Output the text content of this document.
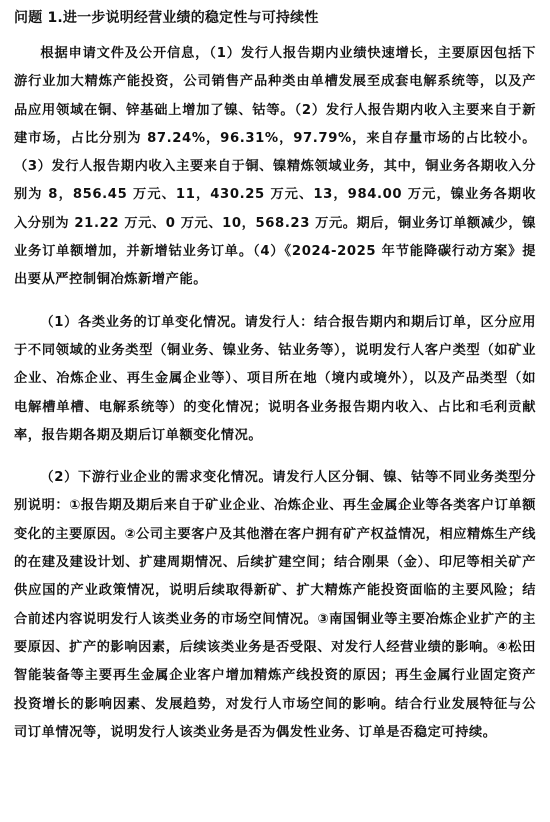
问题 1.进一步说明经营业绩的稳定性与可持续性

根据申请文件及公开信息，（1）发行人报告期内业绩快速增长，主要原因包括下游行业加大精炼产能投资，公司销售产品种类由单槽发展至成套电解系统等，以及产品应用领域在铜、锌基础上增加了镍、钴等。（2）发行人报告期内收入主要来自于新建市场，占比分别为 87.24%，96.31%，97.79%，来自存量市场的占比较小。（3）发行人报告期内收入主要来自于铜、镍精炼领域业务，其中，铜业务各期收入分别为 8，856.45 万元、11，430.25 万元、13，984.00 万元，镍业务各期收入分别为 21.22 万元、0 万元、10，568.23 万元。期后，铜业务订单额减少，镍业务订单额增加，并新增钴业务订单。（4）《2024-2025 年节能降碳行动方案》提出要从严控制铜冶炼新增产能。

（1）各类业务的订单变化情况。请发行人：结合报告期内和期后订单，区分应用于不同领域的业务类型（铜业务、镍业务、钴业务等），说明发行人客户类型（如矿业企业、冶炼企业、再生金属企业等）、项目所在地（境内或境外），以及产品类型（如电解槽单槽、电解系统等）的变化情况；说明各业务报告期内收入、占比和毛利贡献率，报告期各期及期后订单额变化情况。

（2）下游行业企业的需求变化情况。请发行人区分铜、镍、钴等不同业务类型分别说明：①报告期及期后来自于矿业企业、冶炼企业、再生金属企业等各类客户订单额变化的主要原因。②公司主要客户及其他潜在客户拥有矿产权益情况，相应精炼生产线的在建及建设计划、扩建周期情况、后续扩建空间；结合刚果（金）、印尼等相关矿产供应国的产业政策情况，说明后续取得新矿、扩大精炼产能投资面临的主要风险；结合前述内容说明发行人该类业务的市场空间情况。③南国铜业等主要冶炼企业扩产的主要原因、扩产的影响因素，后续该类业务是否受限、对发行人经营业绩的影响。④松田智能装备等主要再生金属企业客户增加精炼产线投资的原因；再生金属行业固定资产投资增长的影响因素、发展趋势，对发行人市场空间的影响。结合行业发展特征与公司订单情况等，说明发行人该类业务是否为偶发性业务、订单是否稳定可持续。
